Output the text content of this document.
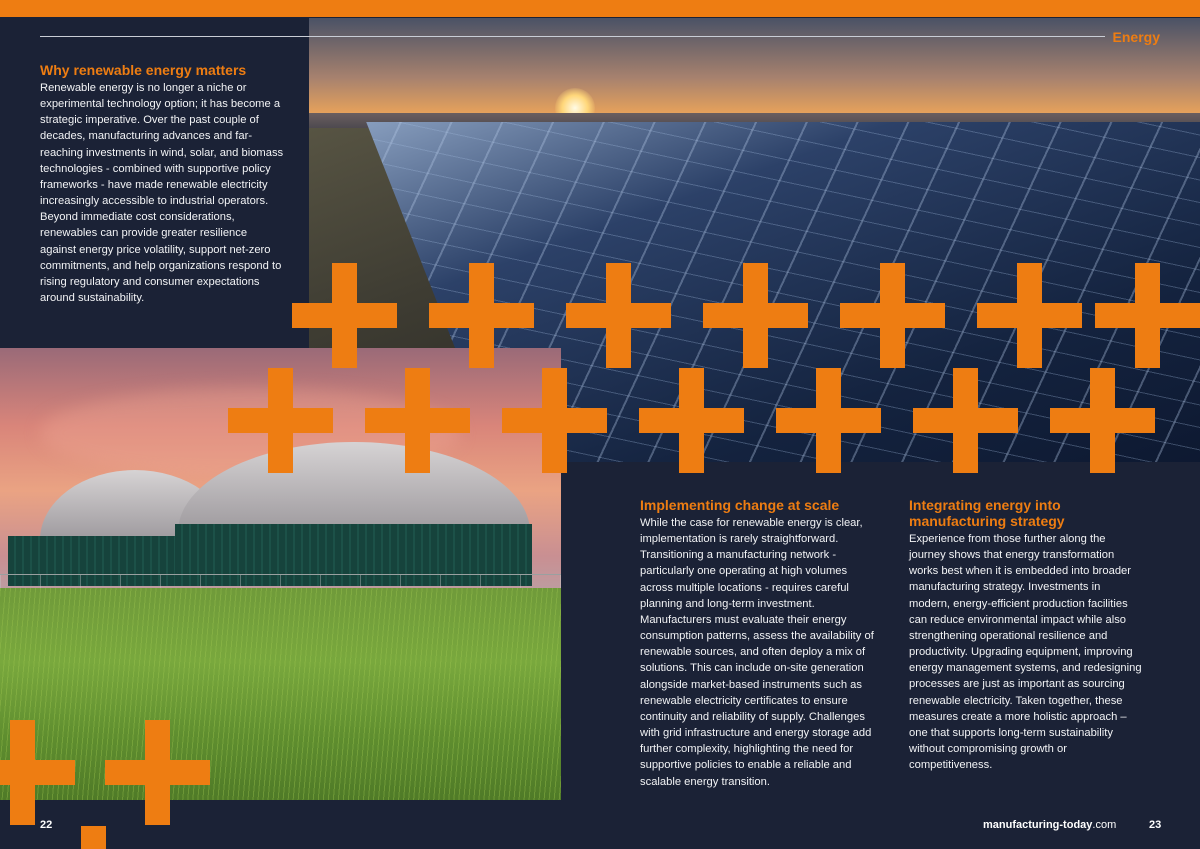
Energy
Why renewable energy matters

Renewable energy is no longer a niche or experimental technology option; it has become a strategic imperative. Over the past couple of decades, manufacturing advances and far-reaching investments in wind, solar, and biomass technologies - combined with supportive policy frameworks - have made renewable electricity increasingly accessible to industrial operators. Beyond immediate cost considerations, renewables can provide greater resilience against energy price volatility, support net-zero commitments, and help organizations respond to rising regulatory and consumer expectations around sustainability.

Implementing change at scale

While the case for renewable energy is clear, implementation is rarely straightforward. Transitioning a manufacturing network - particularly one operating at high volumes across multiple locations - requires careful planning and long-term investment. Manufacturers must evaluate their energy consumption patterns, assess the availability of renewable sources, and often deploy a mix of solutions. This can include on-site generation alongside market-based instruments such as renewable electricity certificates to ensure continuity and reliability of supply. Challenges with grid infrastructure and energy storage add further complexity, highlighting the need for supportive policies to enable a reliable and scalable energy transition.

Integrating energy into manufacturing strategy

Experience from those further along the journey shows that energy transformation works best when it is embedded into broader manufacturing strategy. Investments in modern, energy-efficient production facilities can reduce environmental impact while also strengthening operational resilience and productivity. Upgrading equipment, improving energy management systems, and redesigning processes are just as important as sourcing renewable electricity. Taken together, these measures create a more holistic approach – one that supports long-term sustainability without compromising growth or competitiveness.

22	manufacturing-today.com	23
